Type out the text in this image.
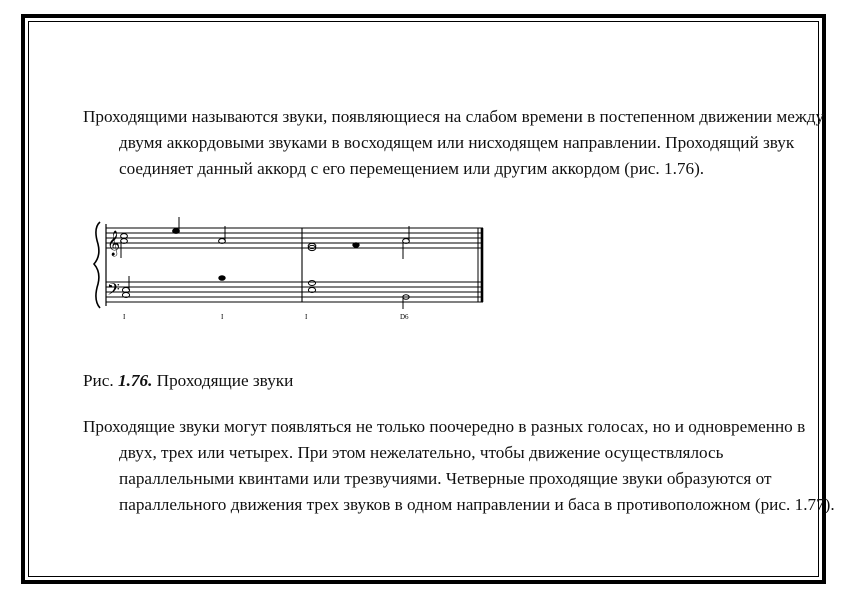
Проходящими называются звуки, появляющиеся на слабом времени в постепенном движении между двумя аккордовыми звуками в восходящем или нисходящем направлении. Проходящий звук соединяет данный аккорд с его перемещением или другим аккордом (рис. 1.76).

𝄞
𝄢
I	I	I	D6

Рис. 1.76. Проходящие звуки

Проходящие звуки могут появляться не только поочередно в разных голосах, но и одновременно в двух, трех или четырех. При этом нежелательно, чтобы движение осуществлялось параллельными квинтами или трезвучиями. Четверные проходящие звуки образуются от параллельного движения трех звуков в одном направлении и баса в противоположном (рис. 1.77).
